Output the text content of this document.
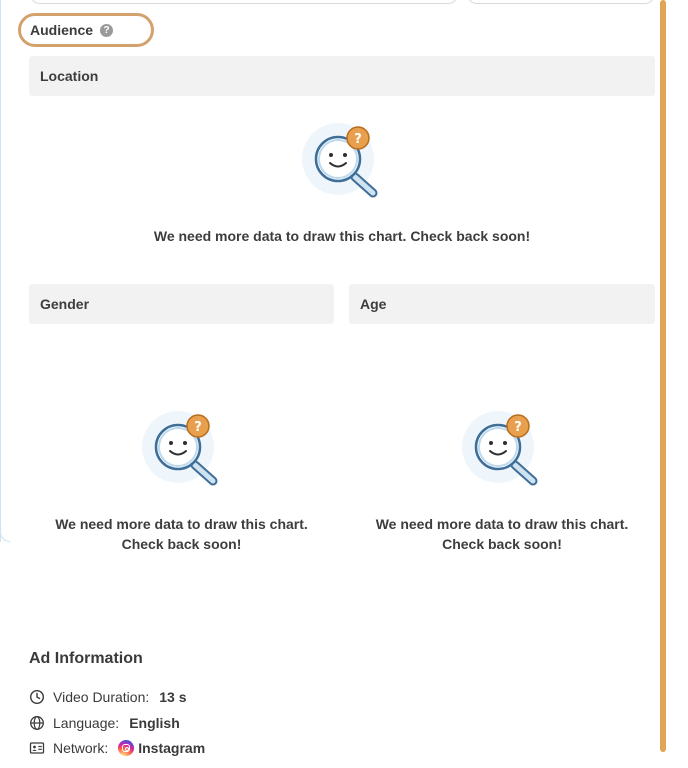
Audience	?
Location
?
We need more data to draw this chart. Check back soon!
Gender
?
We need more data to draw this chart.
Check back soon!
Age
?
We need more data to draw this chart.
Check back soon!
Ad Information
Video Duration: 13 s
Language: English
Network: Instagram
